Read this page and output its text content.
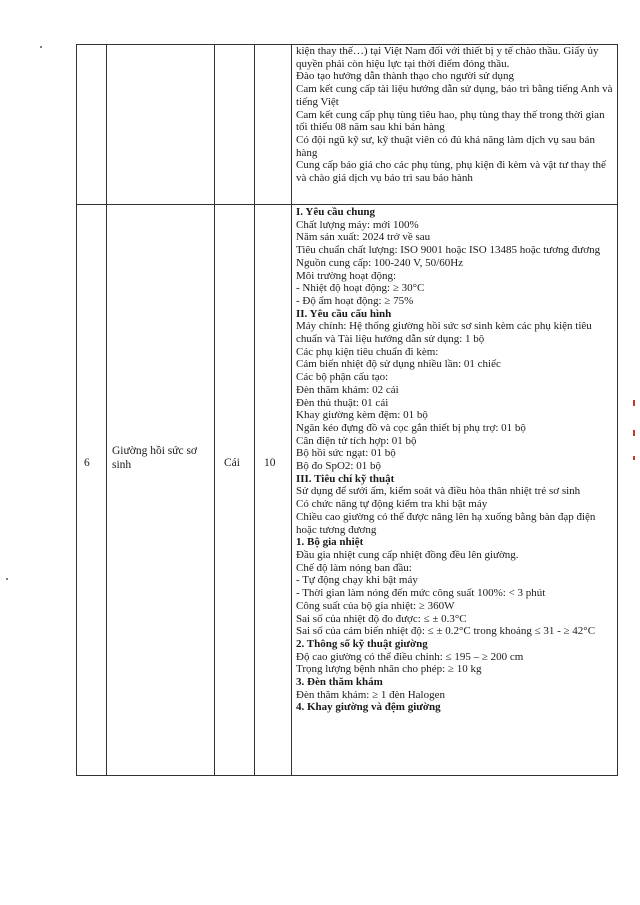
kiện thay thế…) tại Việt Nam đối với thiết bị y tế chào thầu. Giấy ủy quyền phải còn hiệu lực tại thời điểm đóng thầu.
Đào tạo hướng dẫn thành thạo cho người sử dụng
Cam kết cung cấp tài liệu hướng dẫn sử dụng, bảo trì bằng tiếng Anh và tiếng Việt
Cam kết cung cấp phụ tùng tiêu hao, phụ tùng thay thế trong thời gian tối thiểu 08 năm sau khi bán hàng
Có đội ngũ kỹ sư, kỹ thuật viên có đủ khả năng làm dịch vụ sau bán hàng
Cung cấp báo giá cho các phụ tùng, phụ kiện đi kèm và vật tư thay thế và chào giá dịch vụ bảo trì sau bảo hành
6
Giường hồi sức sơ sinh	Cái 10
I. Yêu cầu chung
Chất lượng máy: mới 100%
Năm sản xuất: 2024 trở về sau
Tiêu chuẩn chất lượng: ISO 9001 hoặc ISO 13485 hoặc tương đương
Nguồn cung cấp: 100-240 V, 50/60Hz
Môi trường hoạt động:
- Nhiệt độ hoạt động: ≥ 30°C
- Độ ẩm hoạt động: ≥ 75%
II. Yêu cầu cấu hình
Máy chính: Hệ thống giường hồi sức sơ sinh kèm các phụ kiện tiêu chuẩn và Tài liệu hướng dẫn sử dụng: 1 bộ
Các phụ kiện tiêu chuẩn đi kèm:
Cảm biến nhiệt độ sử dụng nhiều lần: 01 chiếc
Các bộ phận cấu tạo:
Đèn thăm khám: 02 cái
Đèn thủ thuật: 01 cái
Khay giường kèm đệm: 01 bộ
Ngăn kéo đựng đồ và cọc gắn thiết bị phụ trợ: 01 bộ
Cân điện tử tích hợp: 01 bộ
Bộ hồi sức ngạt: 01 bộ
Bộ đo SpO2: 01 bộ
III. Tiêu chí kỹ thuật
Sử dụng để sưởi ấm, kiểm soát và điều hòa thân nhiệt trẻ sơ sinh
Có chức năng tự động kiểm tra khi bật máy
Chiều cao giường có thể được nâng lên hạ xuống bằng bàn đạp điện hoặc tương đương
1. Bộ gia nhiệt
Đầu gia nhiệt cung cấp nhiệt đồng đều lên giường.
Chế độ làm nóng ban đầu:
- Tự động chạy khi bật máy
- Thời gian làm nóng đến mức công suất 100%: < 3 phút
Công suất của bộ gia nhiệt: ≥ 360W
Sai số của nhiệt độ đo được: ≤ ± 0.3°C
Sai số của cảm biến nhiệt độ: ≤ ± 0.2°C trong khoảng ≤ 31 - ≥ 42°C
2. Thông số kỹ thuật giường
Độ cao giường có thể điều chỉnh: ≤ 195 – ≥ 200 cm
Trọng lượng bệnh nhân cho phép: ≥ 10 kg
3. Đèn thăm khám
Đèn thăm khám: ≥ 1 đèn Halogen
4. Khay giường và đệm giường
